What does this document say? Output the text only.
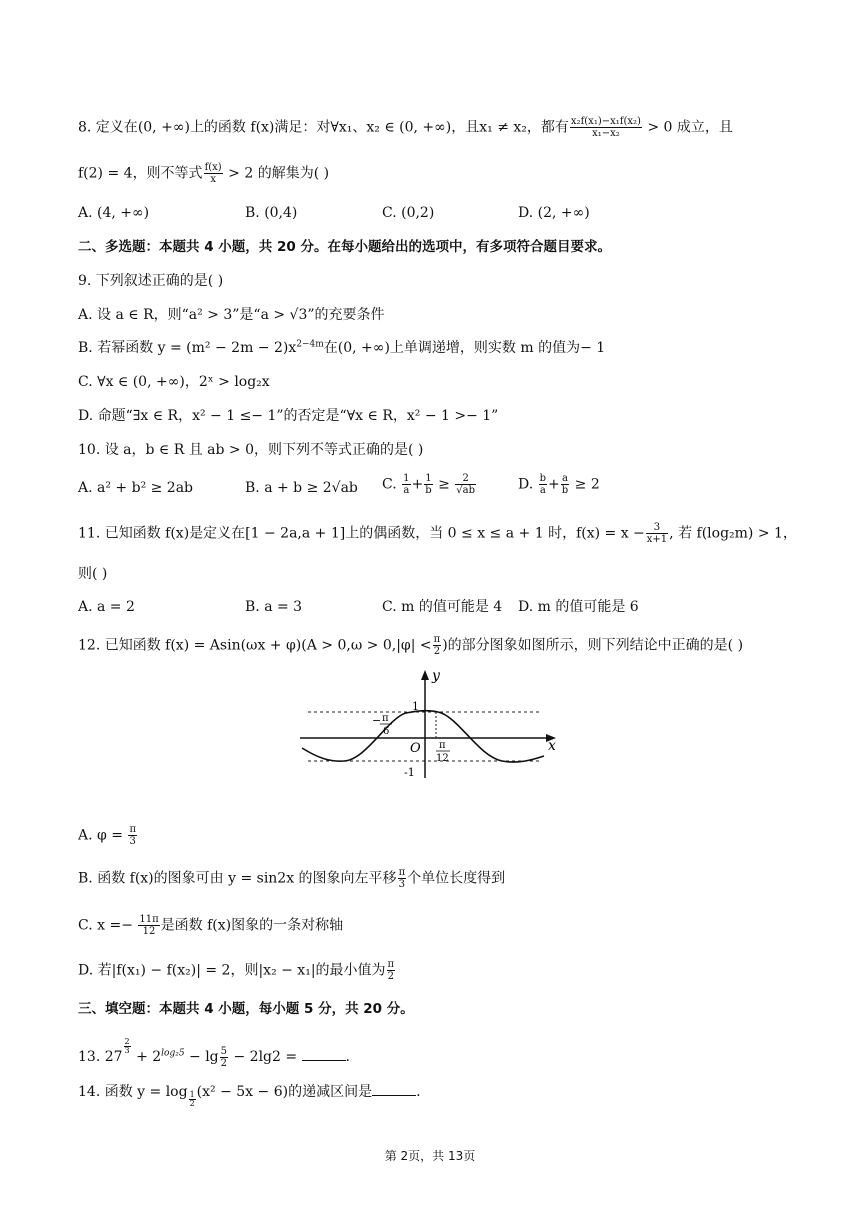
8. 定义在(0, +∞)上的函数 f(x)满足：对∀x₁、x₂ ∈ (0, +∞)，且x₁ ≠ x₂，都有 $\frac{\text{x₂f(x₁)−x₁f(x₂)}}{\text{x₁−x₂}} > 0$ 成立，且
f(2) = 4，则不等式 $\frac{f(x)}{x} > 2$ 的解集为( )
A. (4, +∞)	B. (0,4)	C. (0,2)	D. (2, +∞)
二、多选题：本题共 4 小题，共 20 分。在每小题给出的选项中，有多项符合题目要求。
9. 下列叙述正确的是( )
A. 设 a ∈ R，则“a² > 3”是“a > √3”的充要条件
B. 若幂函数 $y = (m^2 - 2m - 2)x^{2-4m}$在(0, +∞)上单调递增，则实数 m 的值为− 1
C. ∀x ∈ (0, +∞)，2ˣ > log₂x
D. 命题“∃x ∈ R，x² − 1 ≤− 1”的否定是“∀x ∈ R，x² − 1 >− 1”
10. 设 a，b ∈ R 且 ab > 0，则下列不等式正确的是( )
A. a² + b² ≥ 2ab	B. a + b ≥ 2√ab C. $\frac{1}{a} + \frac{1}{b} \ge \frac{2}{√ab}$	D. $\frac{b}{a} + \frac{a}{b} \ge 2$
11. 已知函数 f(x)是定义在[1 − 2a,a + 1]上的偶函数，当 0 ≤ x ≤ a + 1 时，$f(x) = x - \frac{3}{x+1}$ , 若 f(log₂m) > 1，
则( )
A. a = 2	B. a = 3	C. m 的值可能是 4 D. m 的值可能是 6
12. 已知函数 $f(x) = Asin(\omega x + \varphi)(A > 0,\omega > 0,|\varphi| < \frac{\pi}{2}$ )的部分图象如图所示，则下列结论中正确的是( )
y
x
O
1
-1
− π
6
π
12
A. $\varphi = \frac{\pi}{3}$
B. 函数 f(x)的图象可由 y = sin2x 的图象向左平移 $\frac{\pi}{3}$ 个单位长度得到
C. $x =- \frac{11\pi}{12}$ 是函数 f(x)图象的一条对称轴
D. 若|f(x₁) − f(x₂)| = 2，则|x₂ − x₁|的最小值为 $\frac{\pi}{2}$
三、填空题：本题共 4 小题，每小题 5 分，共 20 分。
13. 27
$^{\frac{2}{3}}$
+ $2^{log_25} - \lg \frac{5}{2} - 2\lg 2$ =	.
14. 函数 $y = \log \frac{1}{2} (x^2 - 5x - 6)$的递减区间是	.
第 2页，共 13页
